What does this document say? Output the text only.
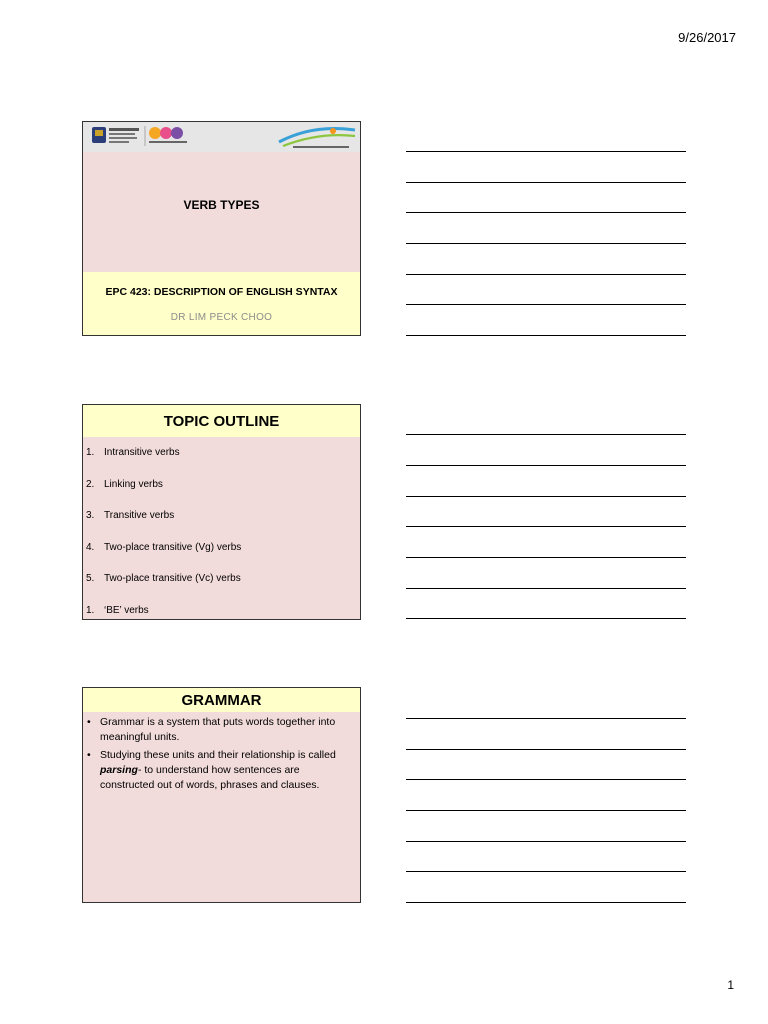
9/26/2017
VERB TYPES
EPC 423: DESCRIPTION OF ENGLISH SYNTAX
DR LIM PECK CHOO
TOPIC OUTLINE
1. Intransitive verbs
2. Linking verbs
3. Transitive verbs
4. Two-place transitive (Vg) verbs
5. Two-place transitive (Vc) verbs
1. ‘BE’ verbs
GRAMMAR
• Grammar is a system that puts words together into meaningful units.
• Studying these units and their relationship is called parsing- to understand how sentences are constructed out of words, phrases and clauses.
1
